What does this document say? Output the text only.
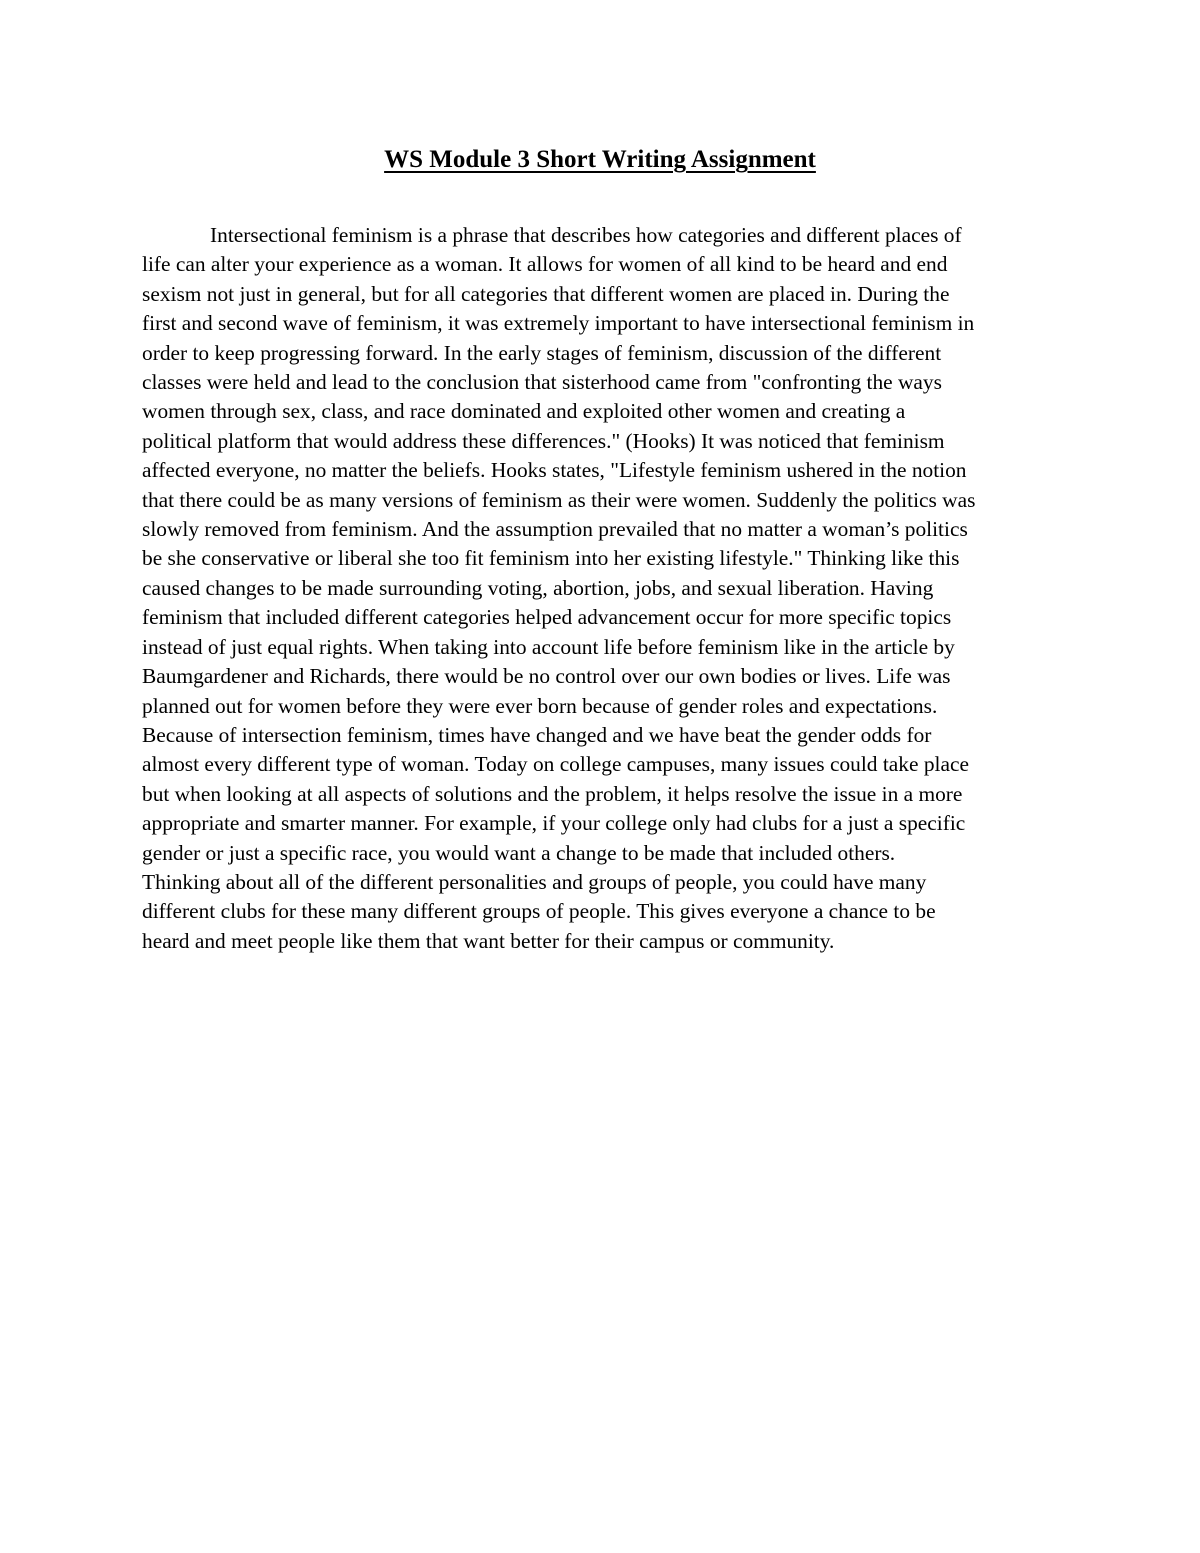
WS Module 3 Short Writing Assignment

Intersectional feminism is a phrase that describes how categories and different places of
life can alter your experience as a woman. It allows for women of all kind to be heard and end
sexism not just in general, but for all categories that different women are placed in. During the
first and second wave of feminism, it was extremely important to have intersectional feminism in
order to keep progressing forward. In the early stages of feminism, discussion of the different
classes were held and lead to the conclusion that sisterhood came from "confronting the ways
women through sex, class, and race dominated and exploited other women and creating a
political platform that would address these differences." (Hooks) It was noticed that feminism
affected everyone, no matter the beliefs. Hooks states, "Lifestyle feminism ushered in the notion
that there could be as many versions of feminism as their were women. Suddenly the politics was
slowly removed from feminism. And the assumption prevailed that no matter a woman’s politics
be she conservative or liberal she too fit feminism into her existing lifestyle." Thinking like this
caused changes to be made surrounding voting, abortion, jobs, and sexual liberation. Having
feminism that included different categories helped advancement occur for more specific topics
instead of just equal rights. When taking into account life before feminism like in the article by
Baumgardener and Richards, there would be no control over our own bodies or lives. Life was
planned out for women before they were ever born because of gender roles and expectations.
Because of intersection feminism, times have changed and we have beat the gender odds for
almost every different type of woman. Today on college campuses, many issues could take place
but when looking at all aspects of solutions and the problem, it helps resolve the issue in a more
appropriate and smarter manner. For example, if your college only had clubs for a just a specific
gender or just a specific race, you would want a change to be made that included others.
Thinking about all of the different personalities and groups of people, you could have many
different clubs for these many different groups of people. This gives everyone a chance to be
heard and meet people like them that want better for their campus or community.
